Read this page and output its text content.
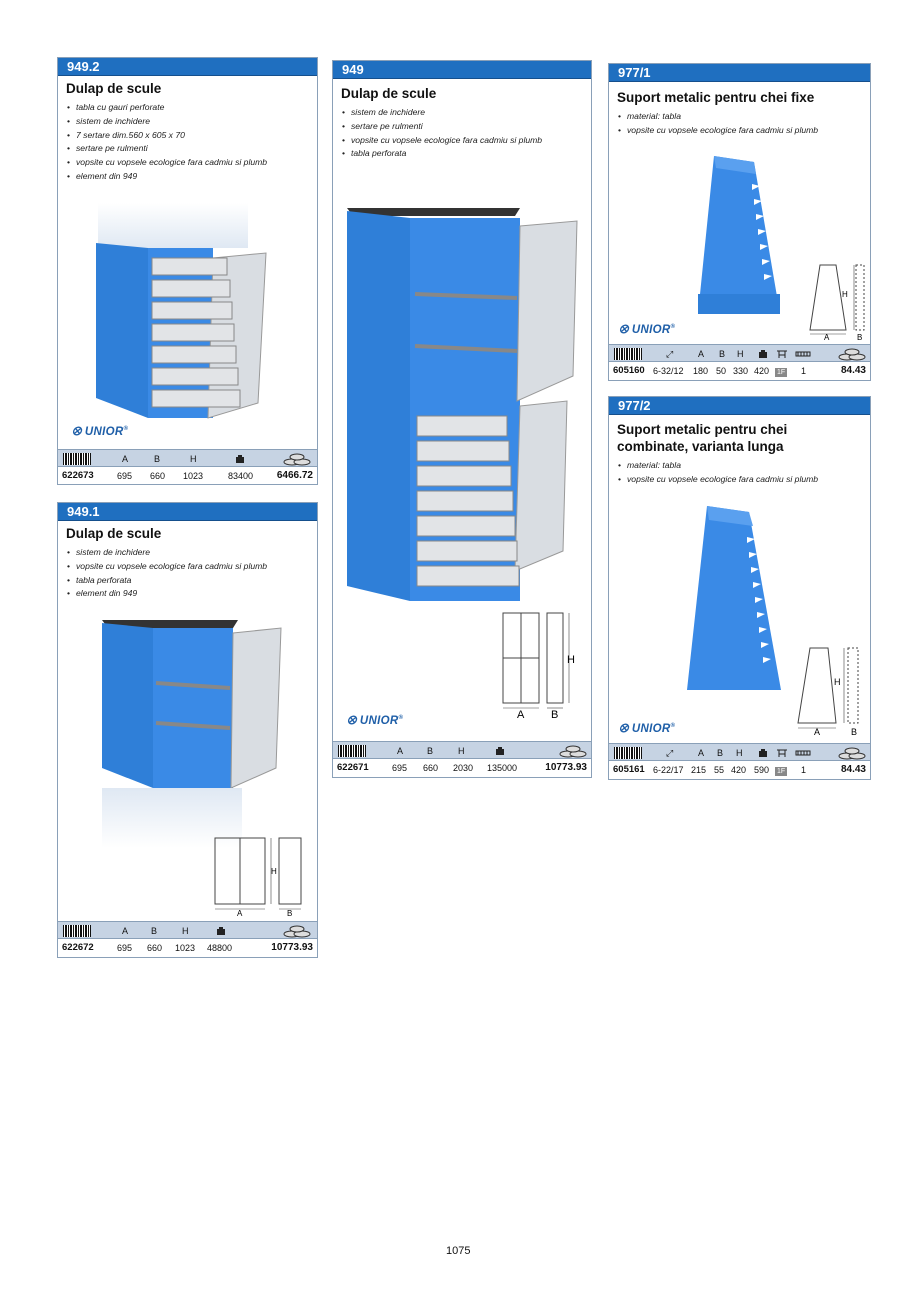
949.2
Dulap de scule
• tabla cu gauri perforate
• sistem de inchidere
• 7 sertare dim.560 x 605 x 70
• sertare pe rulmenti
• vopsite cu vopsele ecologice fara cadmiu si plumb
• element din 949
⭙ UNIOR®
A	B	H
622673	695 660 1023	83400 6466.72
949.1
Dulap de scule
• sistem de inchidere
• vopsite cu vopsele ecologice fara cadmiu si plumb
• tabla perforata
• element din 949
H
A	B
A	B	H
622672	695 660 1023 48800	10773.93
949
Dulap de scule
• sistem de inchidere
• sertare pe rulmenti
• vopsite cu vopsele ecologice fara cadmiu si plumb
• tabla perforata
H
A B
⭙ UNIOR®
A	B	H
622671	695 660 2030 135000	10773.93
977/1
Suport metalic pentru chei fixe
• material: tabla
• vopsite cu vopsele ecologice fara cadmiu si plumb
H
A	B
⭙ UNIOR®
⤢	A B H
605160 6-32/12 180 50 330 420 1F 1	84.43
977/2
Suport metalic pentru chei
combinate, varianta lunga
• material: tabla
• vopsite cu vopsele ecologice fara cadmiu si plumb
H
A	B
⭙ UNIOR®
⤢	A B H
605161 6-22/17 215 55 420 590 1F 1	84.43
1075
